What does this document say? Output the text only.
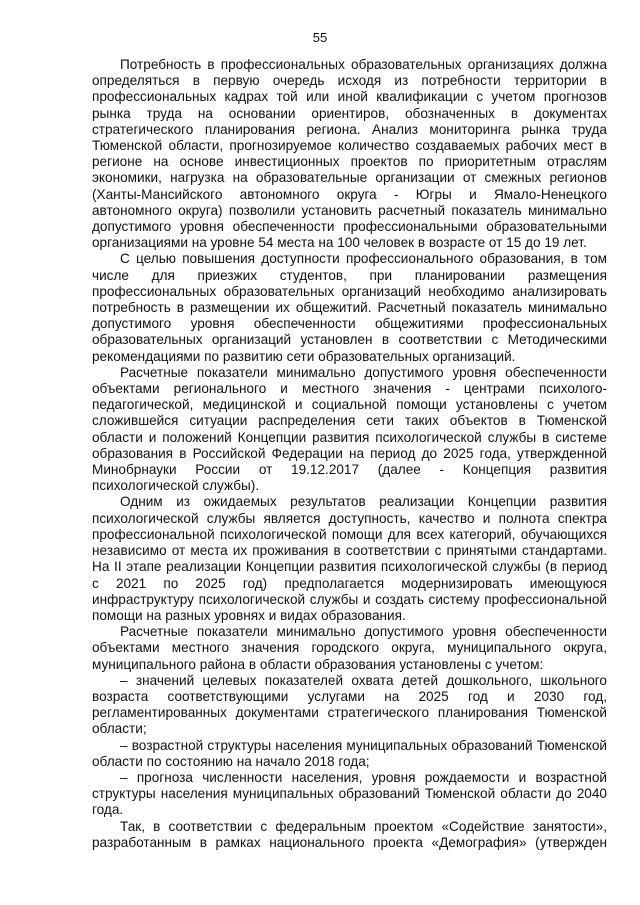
55

Потребность в профессиональных образовательных организациях должна определяться в первую очередь исходя из потребности территории в профессиональных кадрах той или иной квалификации с учетом прогнозов рынка труда на основании ориентиров, обозначенных в документах стратегического планирования региона. Анализ мониторинга рынка труда Тюменской области, прогнозируемое количество создаваемых рабочих мест в регионе на основе инвестиционных проектов по приоритетным отраслям экономики, нагрузка на образовательные организации от смежных регионов (Ханты-Мансийского автономного округа - Югры и Ямало-Ненецкого автономного округа) позволили установить расчетный показатель минимально допустимого уровня обеспеченности профессиональными образовательными организациями на уровне 54 места на 100 человек в возрасте от 15 до 19 лет.

С целью повышения доступности профессионального образования, в том числе для приезжих студентов, при планировании размещения профессиональных образовательных организаций необходимо анализировать потребность в размещении их общежитий. Расчетный показатель минимально допустимого уровня обеспеченности общежитиями профессиональных образовательных организаций установлен в соответствии с Методическими рекомендациями по развитию сети образовательных организаций.

Расчетные показатели минимально допустимого уровня обеспеченности объектами регионального и местного значения - центрами психолого-педагогической, медицинской и социальной помощи установлены с учетом сложившейся ситуации распределения сети таких объектов в Тюменской области и положений Концепции развития психологической службы в системе образования в Российской Федерации на период до 2025 года, утвержденной Минобрнауки России от 19.12.2017 (далее - Концепция развития психологической службы).

Одним из ожидаемых результатов реализации Концепции развития психологической службы является доступность, качество и полнота спектра профессиональной психологической помощи для всех категорий, обучающихся независимо от места их проживания в соответствии с принятыми стандартами. На II этапе реализации Концепции развития психологической службы (в период с 2021 по 2025 год) предполагается модернизировать имеющуюся инфраструктуру психологической службы и создать систему профессиональной помощи на разных уровнях и видах образования.

Расчетные показатели минимально допустимого уровня обеспеченности объектами местного значения городского округа, муниципального округа, муниципального района в области образования установлены с учетом:

– значений целевых показателей охвата детей дошкольного, школьного возраста соответствующими услугами на 2025 год и 2030 год, регламентированных документами стратегического планирования Тюменской области;

– возрастной структуры населения муниципальных образований Тюменской области по состоянию на начало 2018 года;

– прогноза численности населения, уровня рождаемости и возрастной структуры населения муниципальных образований Тюменской области до 2040 года.

Так, в соответствии с федеральным проектом «Содействие занятости», разработанным в рамках национального проекта «Демография» (утвержден
